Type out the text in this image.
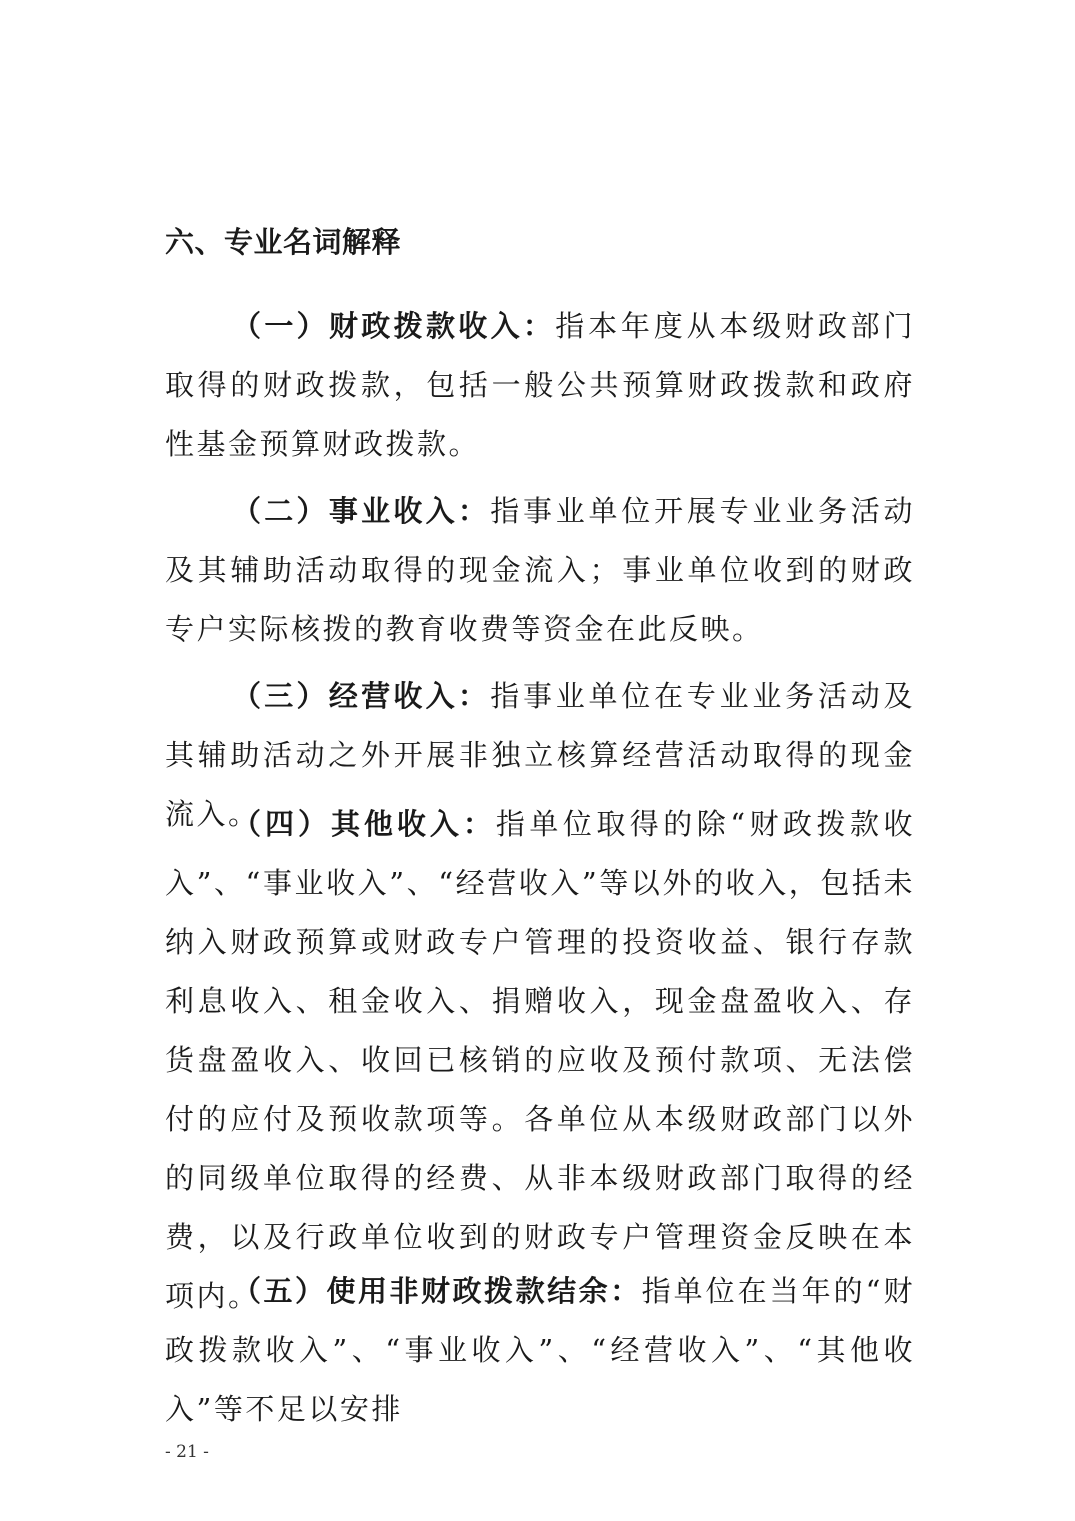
六、专业名词解释

（一）财政拨款收入：指本年度从本级财政部门取得的财政拨款，包括一般公共预算财政拨款和政府性基金预算财政拨款。

（二）事业收入：指事业单位开展专业业务活动及其辅助活动取得的现金流入；事业单位收到的财政专户实际核拨的教育收费等资金在此反映。

（三）经营收入：指事业单位在专业业务活动及其辅助活动之外开展非独立核算经营活动取得的现金流入。

（四）其他收入：指单位取得的除“财政拨款收入”、“事业收入”、“经营收入”等以外的收入，包括未纳入财政预算或财政专户管理的投资收益、银行存款利息收入、租金收入、捐赠收入，现金盘盈收入、存货盘盈收入、收回已核销的应收及预付款项、无法偿付的应付及预收款项等。各单位从本级财政部门以外的同级单位取得的经费、从非本级财政部门取得的经费，以及行政单位收到的财政专户管理资金反映在本项内。

（五）使用非财政拨款结余：指单位在当年的“财政拨款收入”、“事业收入”、“经营收入”、“其他收入”等不足以安排

- 21 -
